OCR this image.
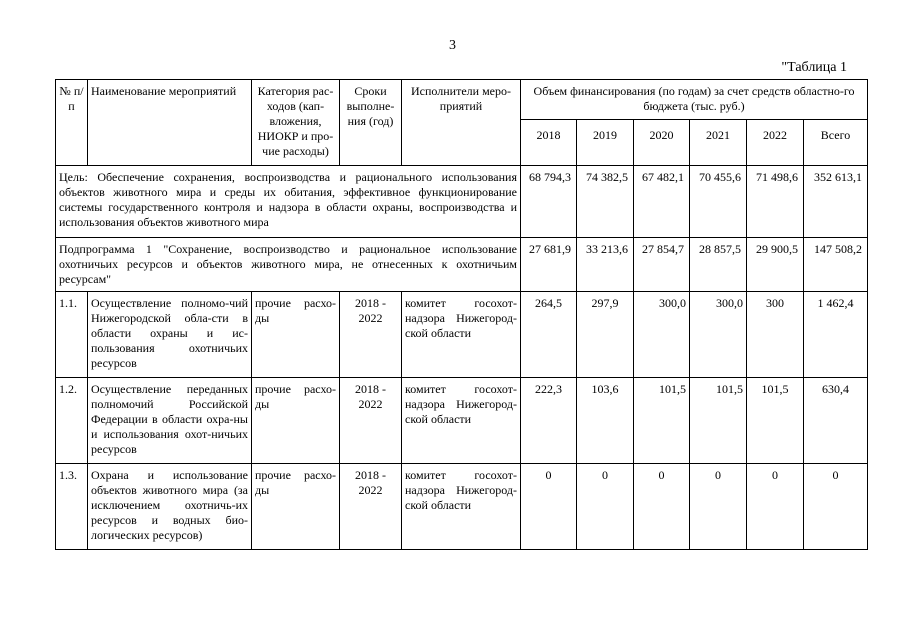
3
"Таблица 1
№ п/п	Наименование мероприятий	Категория рас-ходов (кап-вложения, НИОКР и про-чие расходы)	Сроки выполне-ния (год)	Исполнители меро-приятий	Объем финансирования (по годам) за счет средств областно-го бюджета (тыс. руб.)					
					2018	2019	2020	2021	2022	Всего
Цель: Обеспечение сохранения, воспроизводства и рационального использования объектов животного мира и среды их обитания, эффективное функционирование системы государственного контроля и надзора в области охраны, воспроизводства и использования объектов животного мира					68 794,3	74 382,5	67 482,1	70 455,6	71 498,6	352 613,1
Подпрограмма 1 "Сохранение, воспроизводство и рациональное использование охотничьих ресурсов и объектов животного мира, не отнесенных к охотничьим ресурсам"					27 681,9	33 213,6	27 854,7	28 857,5	29 900,5	147 508,2
1.1.	Осуществление полномо-чий Нижегородской обла-сти в области охраны и ис-пользования охотничьих ресурсов	прочие расхо-ды	2018 - 2022	комитет госохот-надзора Нижегород-ской области	264,5	297,9	300,0	300,0	300	1 462,4
1.2.	Осуществление переданных полномочий Российской Федерации в области охра-ны и использования охот-ничьих ресурсов	прочие расхо-ды	2018 - 2022	комитет госохот-надзора Нижегород-ской области	222,3	103,6	101,5	101,5	101,5	630,4
1.3.	Охрана и использование объектов животного мира (за исключением охотничь-их ресурсов и водных био-логических ресурсов)	прочие расхо-ды	2018 - 2022	комитет госохот-надзора Нижегород-ской области	0	0	0	0	0	0
